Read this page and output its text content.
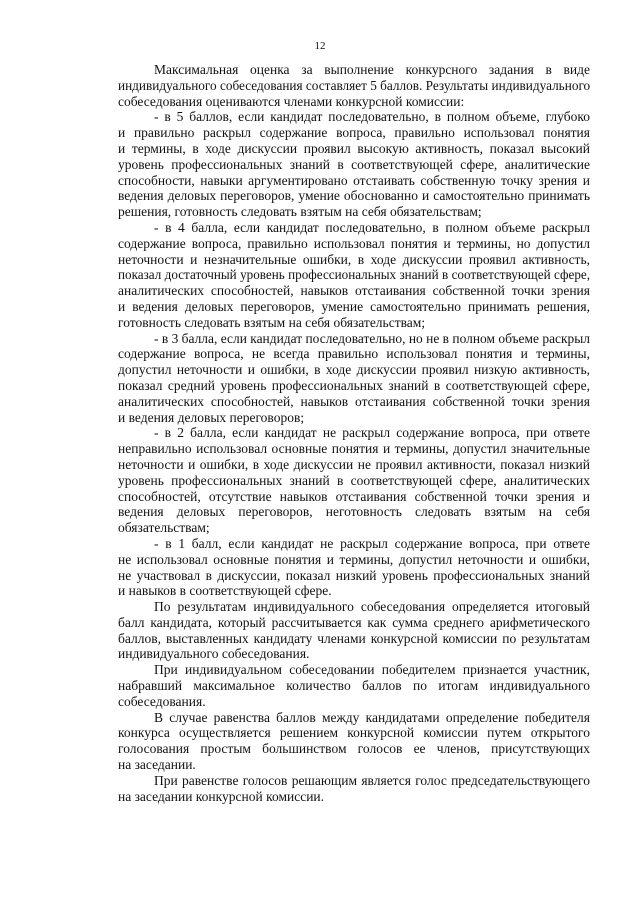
12
Максимальная оценка за выполнение конкурсного задания в виде
индивидуального собеседования составляет 5 баллов. Результаты индивидуального
собеседования оцениваются членами конкурсной комиссии:
- в 5 баллов, если кандидат последовательно, в полном объеме, глубоко
и правильно раскрыл содержание вопроса, правильно использовал понятия
и термины, в ходе дискуссии проявил высокую активность, показал высокий
уровень профессиональных знаний в соответствующей сфере, аналитические
способности, навыки аргументировано отстаивать собственную точку зрения и
ведения деловых переговоров, умение обоснованно и самостоятельно принимать
решения, готовность следовать взятым на себя обязательствам;
- в 4 балла, если кандидат последовательно, в полном объеме раскрыл
содержание вопроса, правильно использовал понятия и термины, но допустил
неточности и незначительные ошибки, в ходе дискуссии проявил активность,
показал достаточный уровень профессиональных знаний в соответствующей сфере,
аналитических способностей, навыков отстаивания собственной точки зрения
и ведения деловых переговоров, умение самостоятельно принимать решения,
готовность следовать взятым на себя обязательствам;
- в 3 балла, если кандидат последовательно, но не в полном объеме раскрыл
содержание вопроса, не всегда правильно использовал понятия и термины,
допустил неточности и ошибки, в ходе дискуссии проявил низкую активность,
показал средний уровень профессиональных знаний в соответствующей сфере,
аналитических способностей, навыков отстаивания собственной точки зрения
и ведения деловых переговоров;
- в 2 балла, если кандидат не раскрыл содержание вопроса, при ответе
неправильно использовал основные понятия и термины, допустил значительные
неточности и ошибки, в ходе дискуссии не проявил активности, показал низкий
уровень профессиональных знаний в соответствующей сфере, аналитических
способностей, отсутствие навыков отстаивания собственной точки зрения и
ведения деловых переговоров, неготовность следовать взятым на себя
обязательствам;
- в 1 балл, если кандидат не раскрыл содержание вопроса, при ответе
не использовал основные понятия и термины, допустил неточности и ошибки,
не участвовал в дискуссии, показал низкий уровень профессиональных знаний
и навыков в соответствующей сфере.
По результатам индивидуального собеседования определяется итоговый
балл кандидата, который рассчитывается как сумма среднего арифметического
баллов, выставленных кандидату членами конкурсной комиссии по результатам
индивидуального собеседования.
При индивидуальном собеседовании победителем признается участник,
набравший максимальное количество баллов по итогам индивидуального
собеседования.
В случае равенства баллов между кандидатами определение победителя
конкурса осуществляется решением конкурсной комиссии путем открытого
голосования простым большинством голосов ее членов, присутствующих
на заседании.
При равенстве голосов решающим является голос председательствующего
на заседании конкурсной комиссии.
